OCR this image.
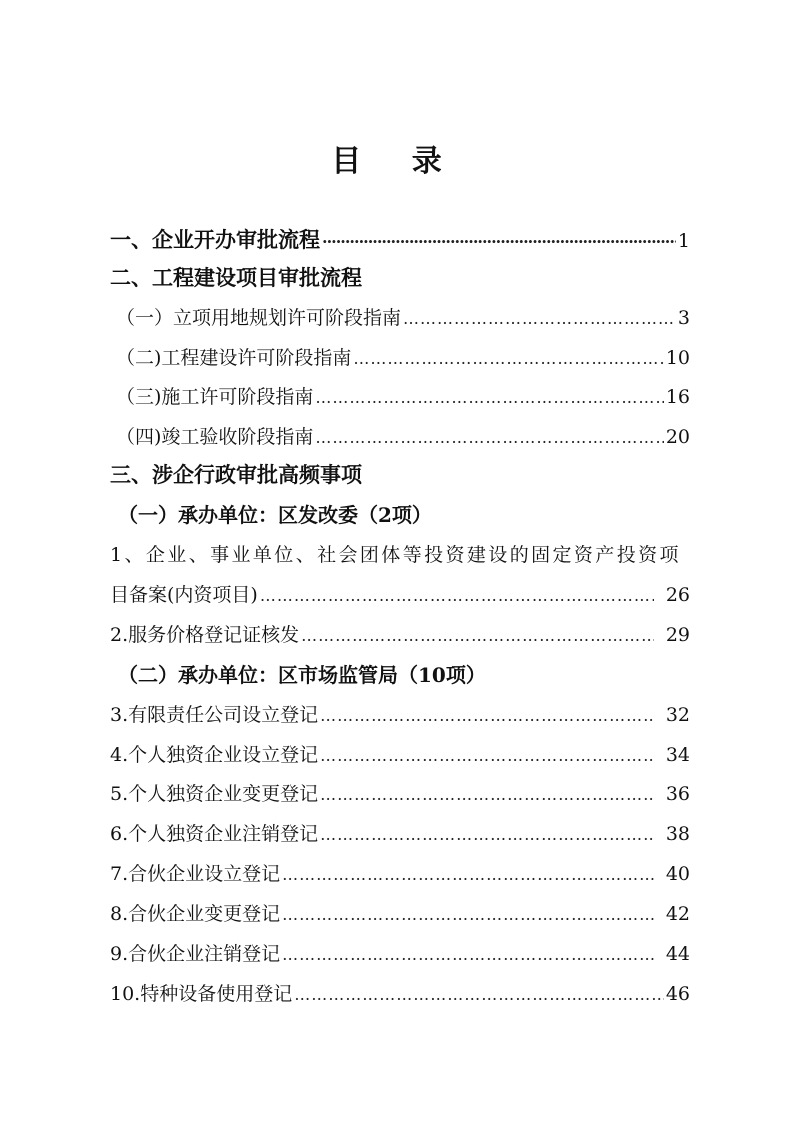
目 录
一、企业开办审批流程 ·····	1
二、工程建设项目审批流程
（一）立项用地规划许可阶段指南 …………………………………………………………………………………………………………………………………………………………	3
（二)工程建设许可阶段指南 …………………………………………………………………………………………………………………………………………………………	10
（三)施工许可阶段指南 …………………………………………………………………………………………………………………………………………………………	16
（四)竣工验收阶段指南 …………………………………………………………………………………………………………………………………………………………	20
三、涉企行政审批高频事项
（一）承办单位：区发改委（2项）
1、企业、事业单位、社会团体等投资建设的固定资产投资项
目备案(内资项目) …………………………………………………………………………………………………………………………………………………………	26
2.服务价格登记证核发 …………………………………………………………………………………………………………………………………………………………	29
（二）承办单位：区市场监管局（10项）
3.有限责任公司设立登记 …………………………………………………………………………………………………………………………………………………………	32
4.个人独资企业设立登记 …………………………………………………………………………………………………………………………………………………………	34
5.个人独资企业变更登记 …………………………………………………………………………………………………………………………………………………………	36
6.个人独资企业注销登记 …………………………………………………………………………………………………………………………………………………………	38
7.合伙企业设立登记 …………………………………………………………………………………………………………………………………………………………	40
8.合伙企业变更登记 …………………………………………………………………………………………………………………………………………………………	42
9.合伙企业注销登记 …………………………………………………………………………………………………………………………………………………………	44
10.特种设备使用登记 …………………………………………………………………………………………………………………………………………………………	46
